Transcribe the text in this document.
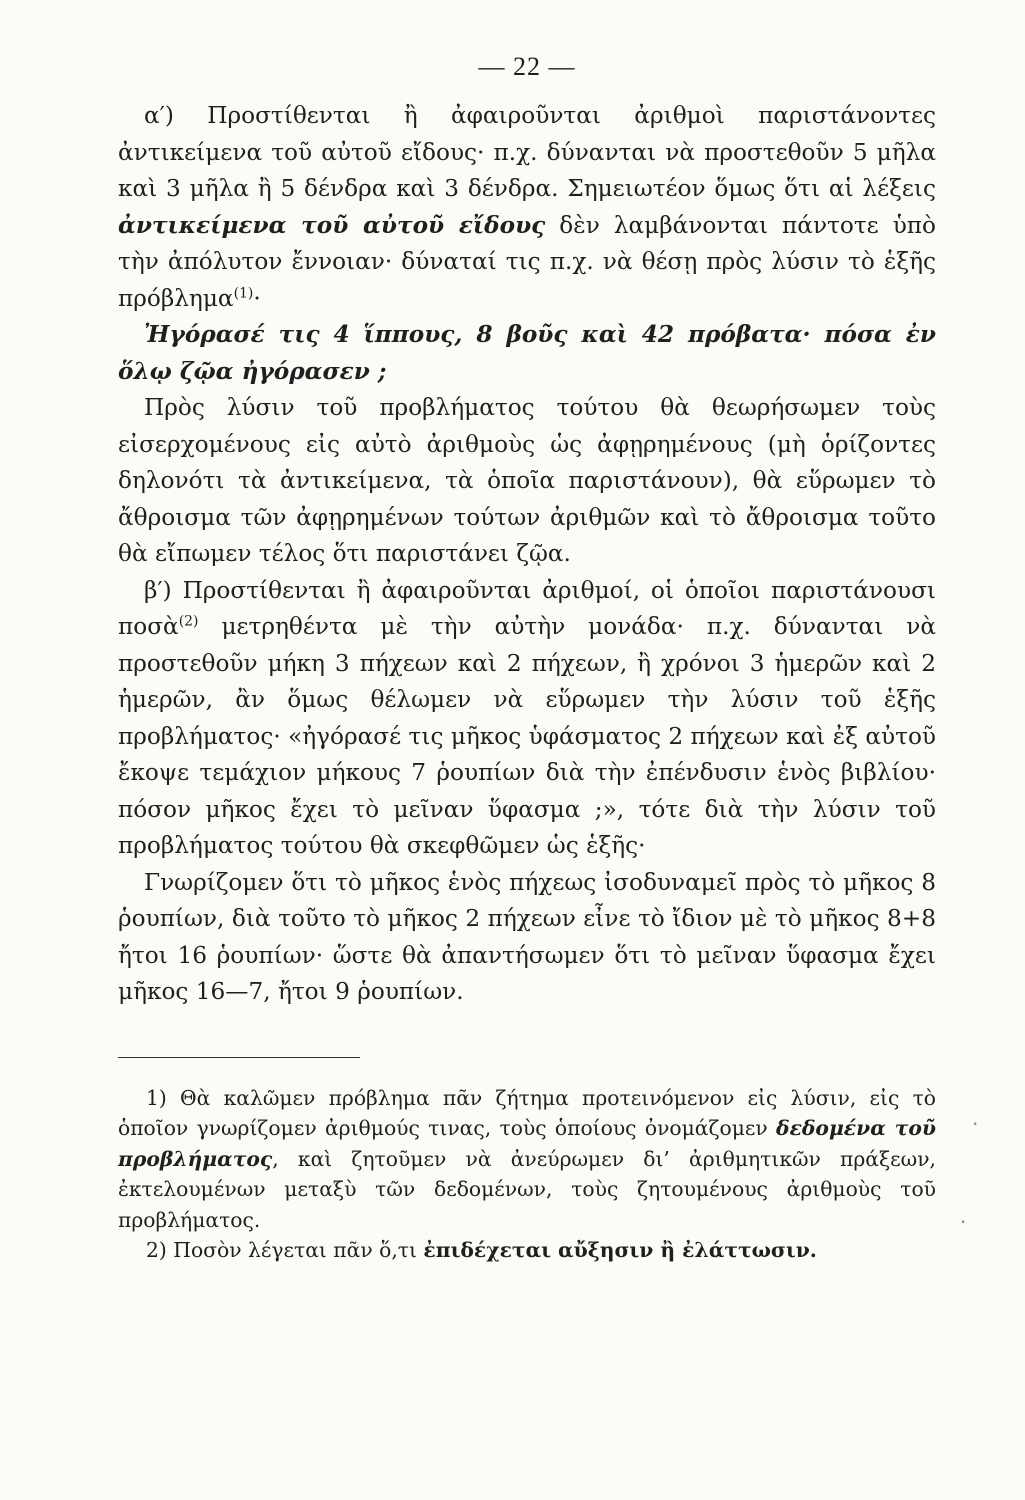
— 22 —

α′) Προστίθενται ἢ ἀφαιροῦνται ἀριθμοὶ παριστάνοντες ἀντικείμενα τοῦ αὐτοῦ εἴδους· π.χ. δύνανται νὰ προστεθοῦν 5 μῆλα καὶ 3 μῆλα ἢ 5 δένδρα καὶ 3 δένδρα. Σημειωτέον ὅμως ὅτι αἱ λέξεις ἀντικείμενα τοῦ αὐτοῦ εἴδους δὲν λαμβάνονται πάντοτε ὑπὸ τὴν ἀπόλυτον ἔννοιαν· δύναταί τις π.χ. νὰ θέσῃ πρὸς λύσιν τὸ ἑξῆς πρόβλημα$^{(1)}$·

Ἠγόρασέ τις 4 ἵππους, 8 βοῦς καὶ 42 πρόβατα· πόσα ἐν ὅλῳ ζῷα ἠγόρασεν ;

Πρὸς λύσιν τοῦ προβλήματος τούτου θὰ θεωρήσωμεν τοὺς εἰσερχομένους εἰς αὐτὸ ἀριθμοὺς ὡς ἀφῃρημένους (μὴ ὁρίζοντες δηλονότι τὰ ἀντικείμενα, τὰ ὁποῖα παριστάνουν), θὰ εὕρωμεν τὸ ἄθροισμα τῶν ἀφῃρημένων τούτων ἀριθμῶν καὶ τὸ ἄθροισμα τοῦτο θὰ εἴπωμεν τέλος ὅτι παριστάνει ζῷα.

β′) Προστίθενται ἢ ἀφαιροῦνται ἀριθμοί, οἱ ὁποῖοι παριστάνουσι ποσὰ$^{(2)}$ μετρηθέντα μὲ τὴν αὐτὴν μονάδα· π.χ. δύνανται νὰ προστεθοῦν μήκη 3 πήχεων καὶ 2 πήχεων, ἢ χρόνοι 3 ἡμερῶν καὶ 2 ἡμερῶν, ἂν ὅμως θέλωμεν νὰ εὕρωμεν τὴν λύσιν τοῦ ἑξῆς προβλήματος· «ἠγόρασέ τις μῆκος ὑφάσματος 2 πήχεων καὶ ἐξ αὐτοῦ ἔκοψε τεμάχιον μήκους 7 ῥουπίων διὰ τὴν ἐπένδυσιν ἑνὸς βιβλίου· πόσον μῆκος ἔχει τὸ μεῖναν ὕφασμα ;», τότε διὰ τὴν λύσιν τοῦ προβλήματος τούτου θὰ σκεφθῶμεν ὡς ἑξῆς·

Γνωρίζομεν ὅτι τὸ μῆκος ἑνὸς πήχεως ἰσοδυναμεῖ πρὸς τὸ μῆκος 8 ῥουπίων, διὰ τοῦτο τὸ μῆκος 2 πήχεων εἶνε τὸ ἴδιον μὲ τὸ μῆκος 8+8 ἤτοι 16 ῥουπίων· ὥστε θὰ ἀπαντήσωμεν ὅτι τὸ μεῖναν ὕφασμα ἔχει μῆκος 16—7, ἤτοι 9 ῥουπίων.

1) Θὰ καλῶμεν πρόβλημα πᾶν ζήτημα προτεινόμενον εἰς λύσιν, εἰς τὸ ὁποῖον γνωρίζομεν ἀριθμούς τινας, τοὺς ὁποίους ὀνομάζομεν δεδομένα τοῦ προβλήματος, καὶ ζητοῦμεν νὰ ἀνεύρωμεν δι’ ἀριθμητικῶν πράξεων, ἐκτελουμένων μεταξὺ τῶν δεδομένων, τοὺς ζητουμένους ἀριθμοὺς τοῦ προβλήματος.

2) Ποσὸν λέγεται πᾶν ὅ,τι ἐπιδέχεται αὔξησιν ἢ ἐλάττωσιν.

·
·
